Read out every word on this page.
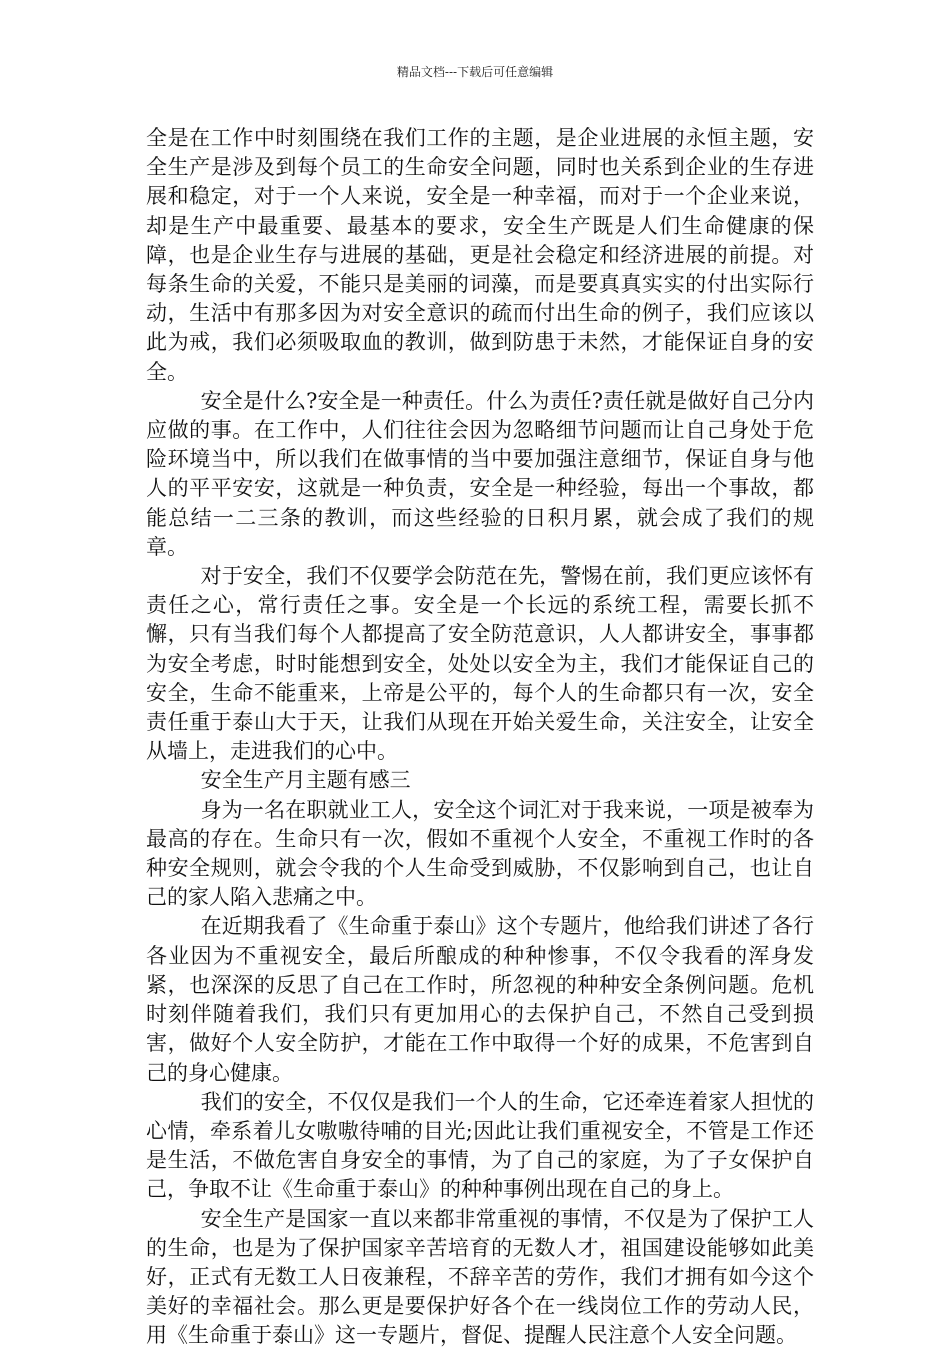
精品文档---下载后可任意编辑

全是在工作中时刻围绕在我们工作的主题，是企业进展的永恒主题，安全生产是涉及到每个员工的生命安全问题，同时也关系到企业的生存进展和稳定，对于一个人来说，安全是一种幸福，而对于一个企业来说，却是生产中最重要、最基本的要求，安全生产既是人们生命健康的保障，也是企业生存与进展的基础，更是社会稳定和经济进展的前提。对每条生命的关爱，不能只是美丽的词藻，而是要真真实实的付出实际行动，生活中有那多因为对安全意识的疏而付出生命的例子，我们应该以此为戒，我们必须吸取血的教训，做到防患于未然，才能保证自身的安全。

安全是什么?安全是一种责任。什么为责任?责任就是做好自己分内应做的事。在工作中，人们往往会因为忽略细节问题而让自己身处于危险环境当中，所以我们在做事情的当中要加强注意细节，保证自身与他人的平平安安，这就是一种负责，安全是一种经验，每出一个事故，都能总结一二三条的教训，而这些经验的日积月累，就会成了我们的规章。

对于安全，我们不仅要学会防范在先，警惕在前，我们更应该怀有责任之心，常行责任之事。安全是一个长远的系统工程，需要长抓不懈，只有当我们每个人都提高了安全防范意识，人人都讲安全，事事都为安全考虑，时时能想到安全，处处以安全为主，我们才能保证自己的安全，生命不能重来，上帝是公平的，每个人的生命都只有一次，安全责任重于泰山大于天，让我们从现在开始关爱生命，关注安全，让安全从墙上，走进我们的心中。

安全生产月主题有感三

身为一名在职就业工人，安全这个词汇对于我来说，一项是被奉为最高的存在。生命只有一次，假如不重视个人安全，不重视工作时的各种安全规则，就会令我的个人生命受到威胁，不仅影响到自己，也让自己的家人陷入悲痛之中。

在近期我看了《生命重于泰山》这个专题片，他给我们讲述了各行各业因为不重视安全，最后所酿成的种种惨事，不仅令我看的浑身发紧，也深深的反思了自己在工作时，所忽视的种种安全条例问题。危机时刻伴随着我们，我们只有更加用心的去保护自己，不然自己受到损害，做好个人安全防护，才能在工作中取得一个好的成果，不危害到自己的身心健康。

我们的安全，不仅仅是我们一个人的生命，它还牵连着家人担忧的心情，牵系着儿女嗷嗷待哺的目光;因此让我们重视安全，不管是工作还是生活，不做危害自身安全的事情，为了自己的家庭，为了子女保护自己，争取不让《生命重于泰山》的种种事例出现在自己的身上。

安全生产是国家一直以来都非常重视的事情，不仅是为了保护工人的生命，也是为了保护国家辛苦培育的无数人才，祖国建设能够如此美好，正式有无数工人日夜兼程，不辞辛苦的劳作，我们才拥有如今这个美好的幸福社会。那么更是要保护好各个在一线岗位工作的劳动人民，用《生命重于泰山》这一专题片，督促、提醒人民注意个人安全问题。
